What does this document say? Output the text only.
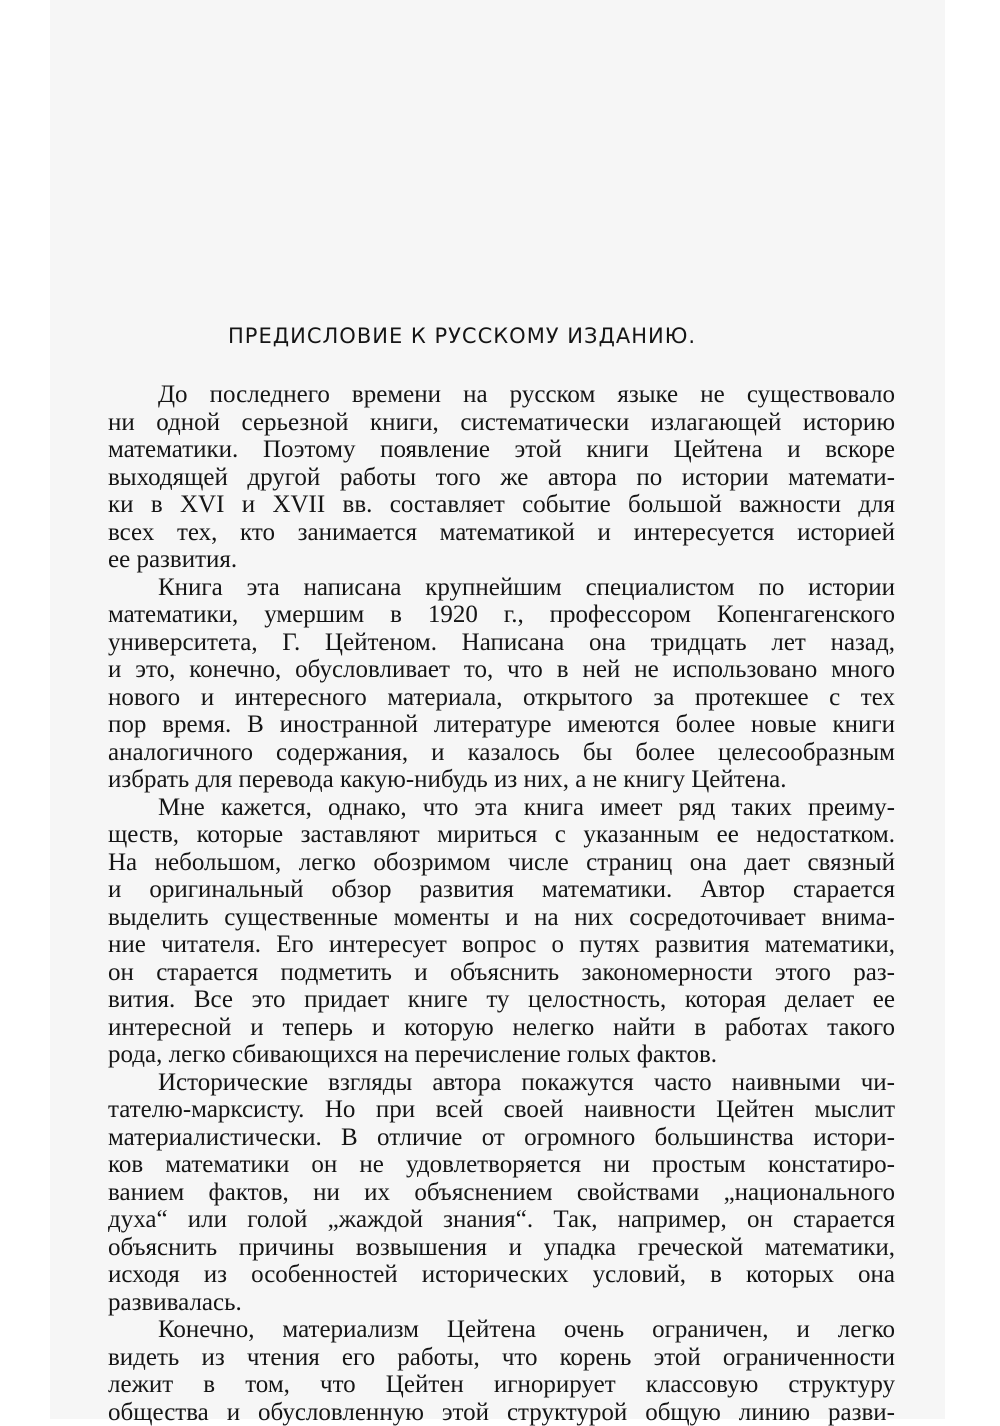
ПРЕДИСЛОВИЕ К РУССКОМУ ИЗДАНИЮ.
До последнего времени на русском языке не существовало
ни одной серьезной книги, систематически излагающей историю
математики. Поэтому появление этой книги Цейтена и вскоре
выходящей другой работы того же автора по истории математи-
ки в XVI и XVII вв. составляет событие большой важности для
всех тех, кто занимается математикой и интересуется историей
ее развития.
Книга эта написана крупнейшим специалистом по истории
математики, умершим в 1920 г., профессором Копенгагенского
университета, Г. Цейтеном. Написана она тридцать лет назад,
и это, конечно, обусловливает то, что в ней не использовано много
нового и интересного материала, открытого за протекшее с тех
пор время. В иностранной литературе имеются более новые книги
аналогичного содержания, и казалось бы более целесообразным
избрать для перевода какую-нибудь из них, а не книгу Цейтена.
Мне кажется, однако, что эта книга имеет ряд таких преиму-
ществ, которые заставляют мириться с указанным ее недостатком.
На небольшом, легко обозримом числе страниц она дает связный
и оригинальный обзор развития математики. Автор старается
выделить существенные моменты и на них сосредоточивает внима-
ние читателя. Его интересует вопрос о путях развития математики,
он старается подметить и объяснить закономерности этого раз-
вития. Все это придает книге ту целостность, которая делает ее
интересной и теперь и которую нелегко найти в работах такого
рода, легко сбивающихся на перечисление голых фактов.
Исторические взгляды автора покажутся часто наивными чи-
тателю-марксисту. Но при всей своей наивности Цейтен мыслит
материалистически. В отличие от огромного большинства истори-
ков математики он не удовлетворяется ни простым констатиро-
ванием фактов, ни их объяснением свойствами „национального
духа“ или голой „жаждой знания“. Так, например, он старается
объяснить причины возвышения и упадка греческой математики,
исходя из особенностей исторических условий, в которых она
развивалась.
Конечно, материализм Цейтена очень ограничен, и легко
видеть из чтения его работы, что корень этой ограниченности
лежит в том, что Цейтен игнорирует классовую структуру
общества и обусловленную этой структурой общую линию разви-
